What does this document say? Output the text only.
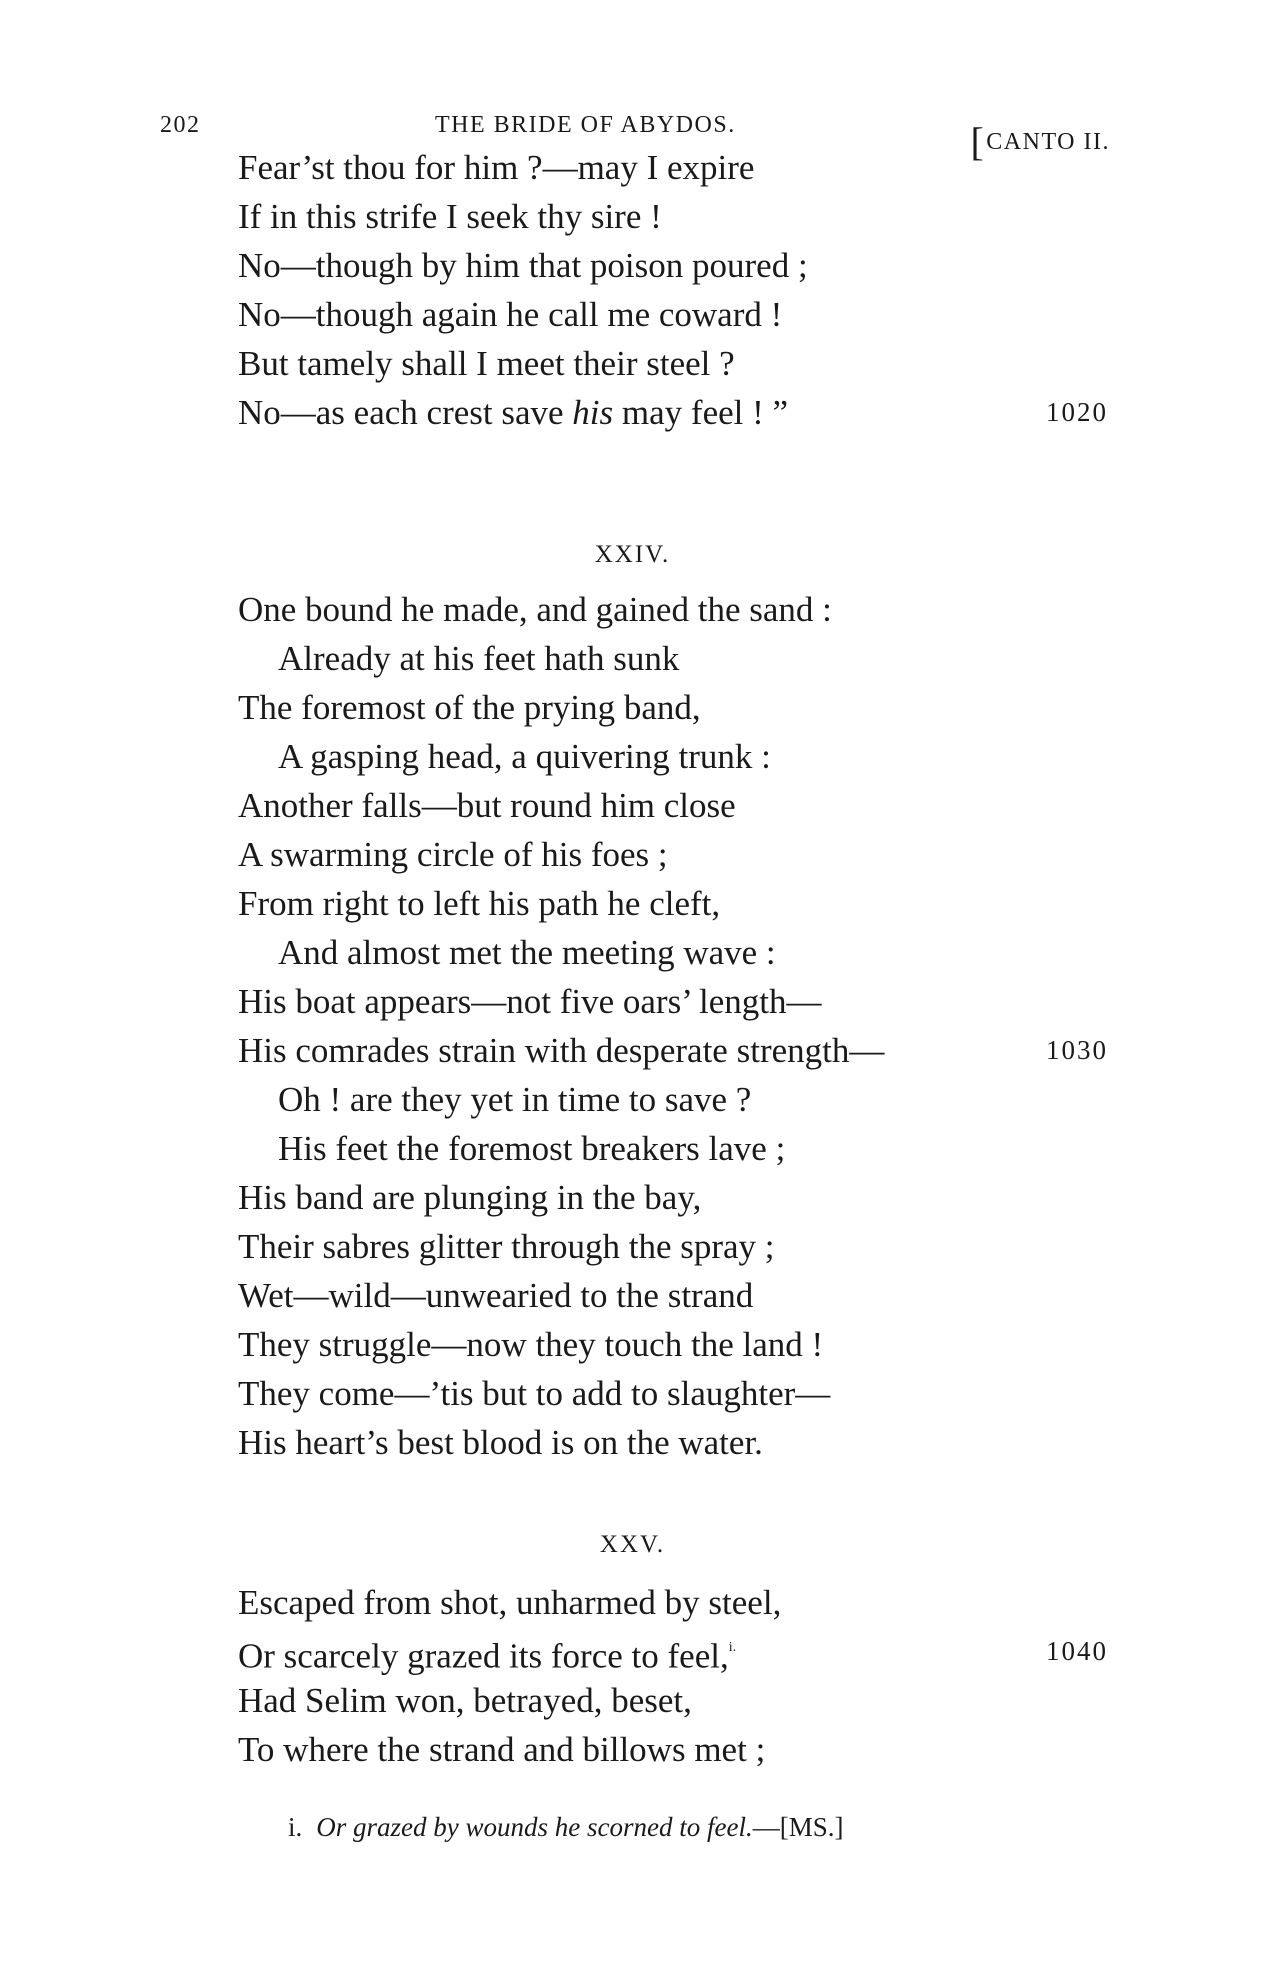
202	THE BRIDE OF ABYDOS.	[CANTO II.
Fear’st thou for him ?—may I expire
If in this strife I seek thy sire !
No—though by him that poison poured ;
No—though again he call me coward !
But tamely shall I meet their steel ?
No—as each crest save his may feel ! ”	1020
XXIV.
One bound he made, and gained the sand :
Already at his feet hath sunk
The foremost of the prying band,
A gasping head, a quivering trunk :
Another falls—but round him close
A swarming circle of his foes ;
From right to left his path he cleft,
And almost met the meeting wave :
His boat appears—not five oars’ length—
His comrades strain with desperate strength—	1030
Oh ! are they yet in time to save ?
His feet the foremost breakers lave ;
His band are plunging in the bay,
Their sabres glitter through the spray ;
Wet—wild—unwearied to the strand
They struggle—now they touch the land !
They come—’tis but to add to slaughter—
His heart’s best blood is on the water.
XXV.
Escaped from shot, unharmed by steel,
Or scarcely grazed its force to feel,$^{i.}$	1040
Had Selim won, betrayed, beset,
To where the strand and billows met ;
i. Or grazed by wounds he scorned to feel.—[MS.]
